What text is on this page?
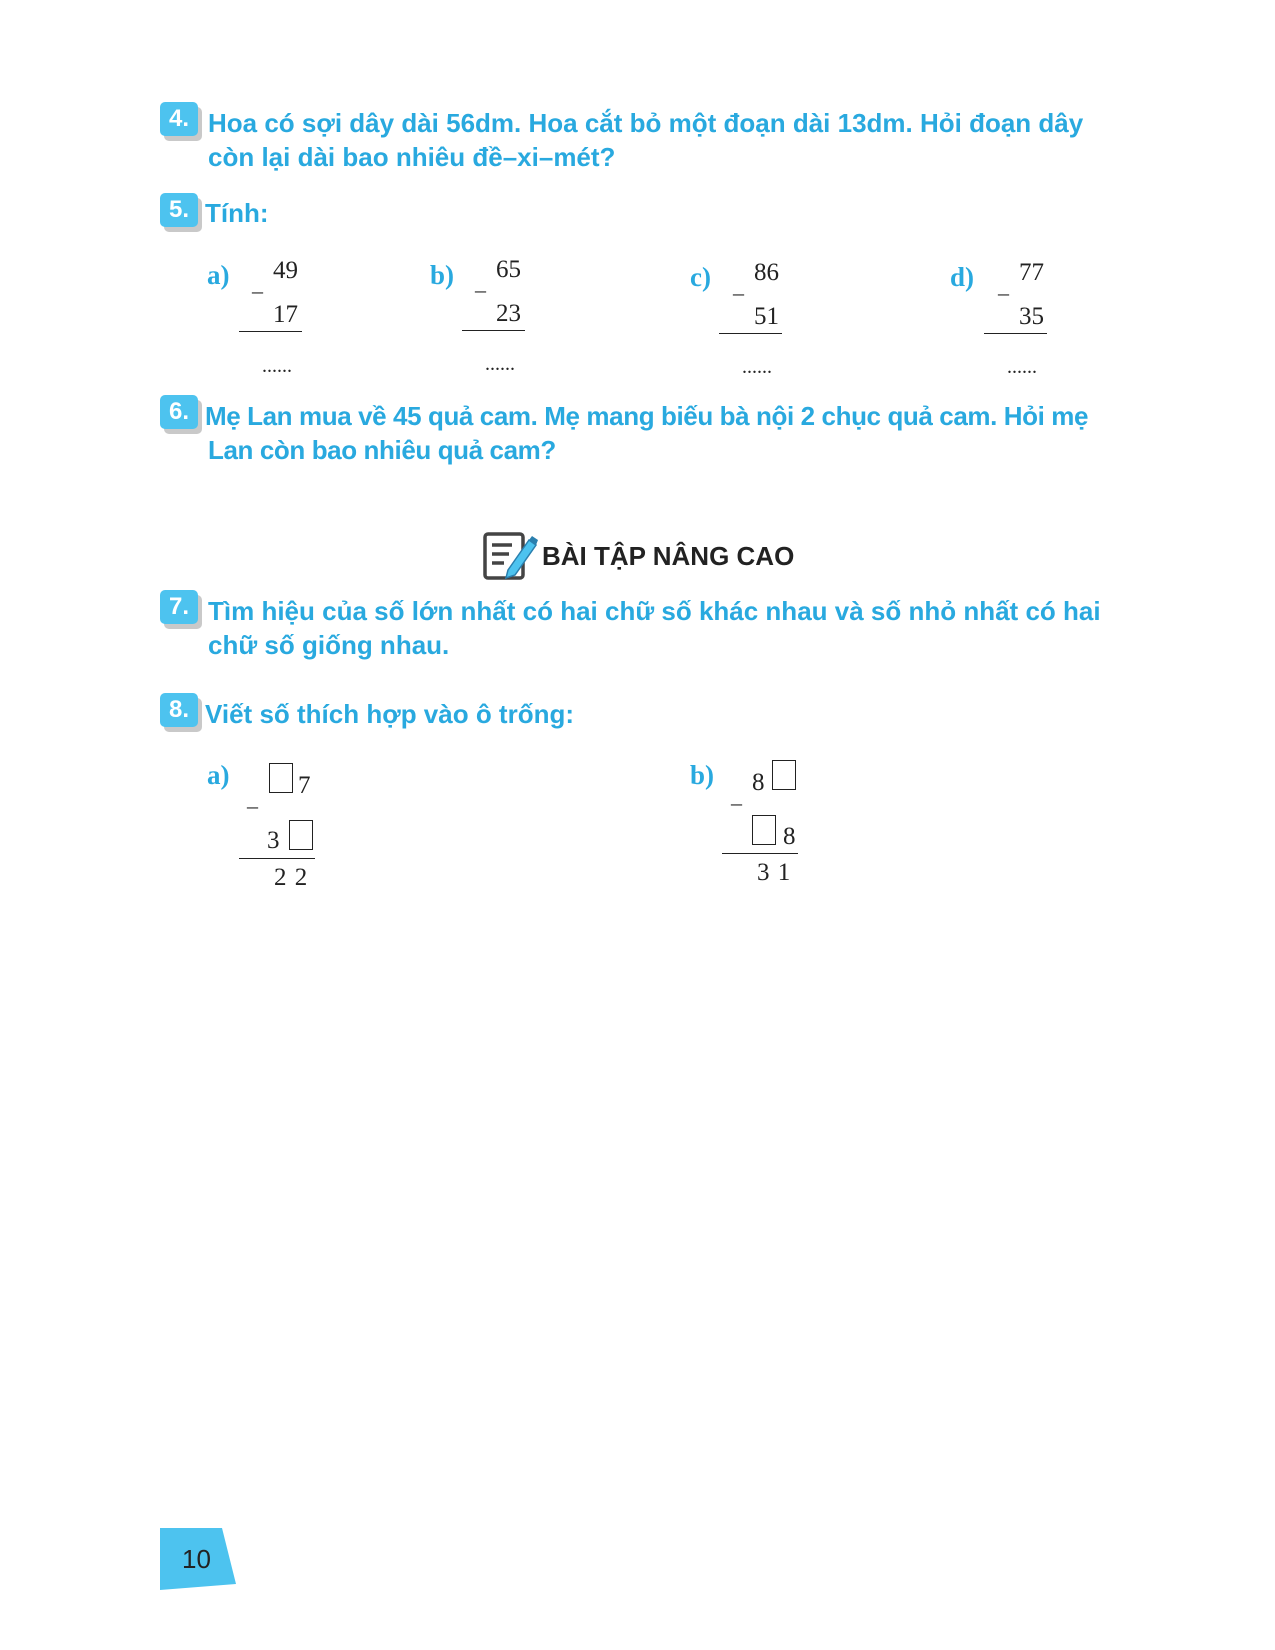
4. Hoa có sợi dây dài 56dm. Hoa cắt bỏ một đoạn dài 13dm. Hỏi đoạn dây
còn lại dài bao nhiêu đề–xi–mét?
5. Tính:
a) 49
–
17
......
b) 65
–
23
......
c) 86
–
51
......
d) 77
–
35
......
6. Mẹ Lan mua về 45 quả cam. Mẹ mang biếu bà nội 2 chục quả cam. Hỏi mẹ
Lan còn bao nhiêu quả cam?
BÀI TẬP NÂNG CAO
7. Tìm hiệu của số lớn nhất có hai chữ số khác nhau và số nhỏ nhất có hai
chữ số giống nhau.
8. Viết số thích hợp vào ô trống:
a)	7
–
3
2 2
b) 8
–
8
3 1
10
